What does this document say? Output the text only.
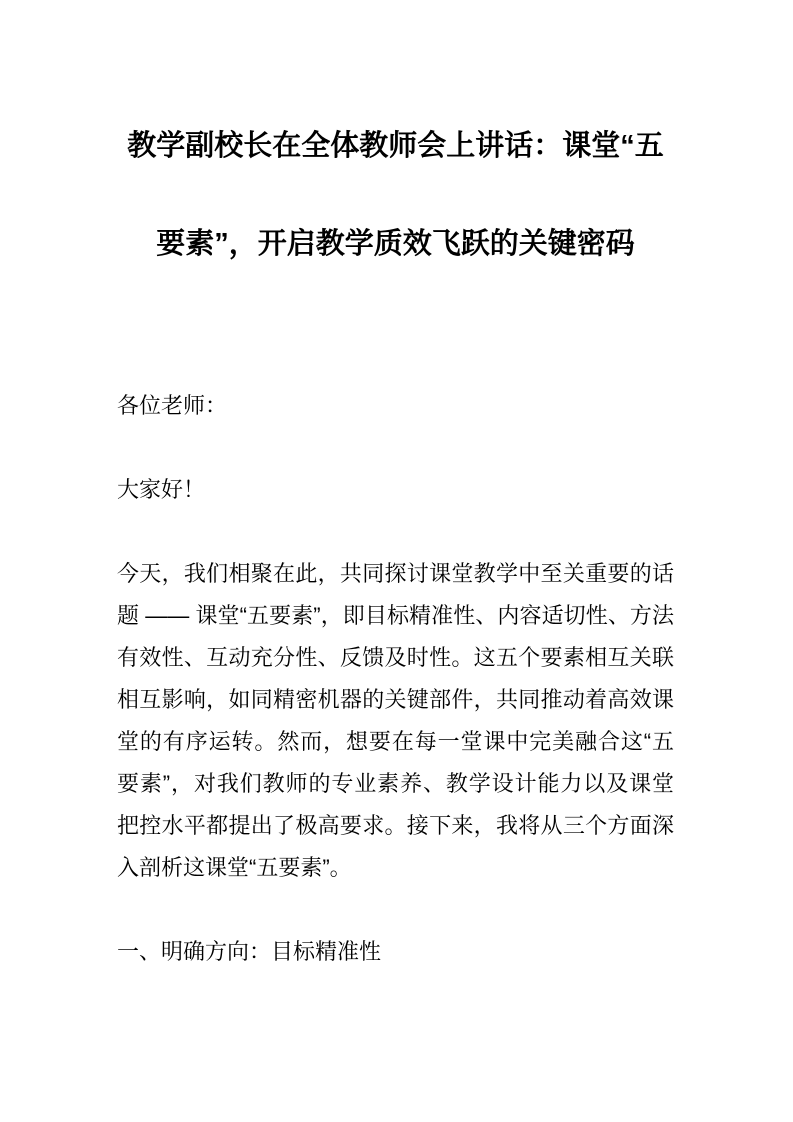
教学副校长在全体教师会上讲话：课堂“五
要素”，开启教学质效飞跃的关键密码

各位老师：

大家好！

今天，我们相聚在此，共同探讨课堂教学中至关重要的话题 —— 课堂“五要素”，即目标精准性、内容适切性、方法有效性、互动充分性、反馈及时性。这五个要素相互关联相互影响，如同精密机器的关键部件，共同推动着高效课堂的有序运转。然而，想要在每一堂课中完美融合这“五要素”，对我们教师的专业素养、教学设计能力以及课堂把控水平都提出了极高要求。接下来，我将从三个方面深入剖析这课堂“五要素”。

一、明确方向：目标精准性
